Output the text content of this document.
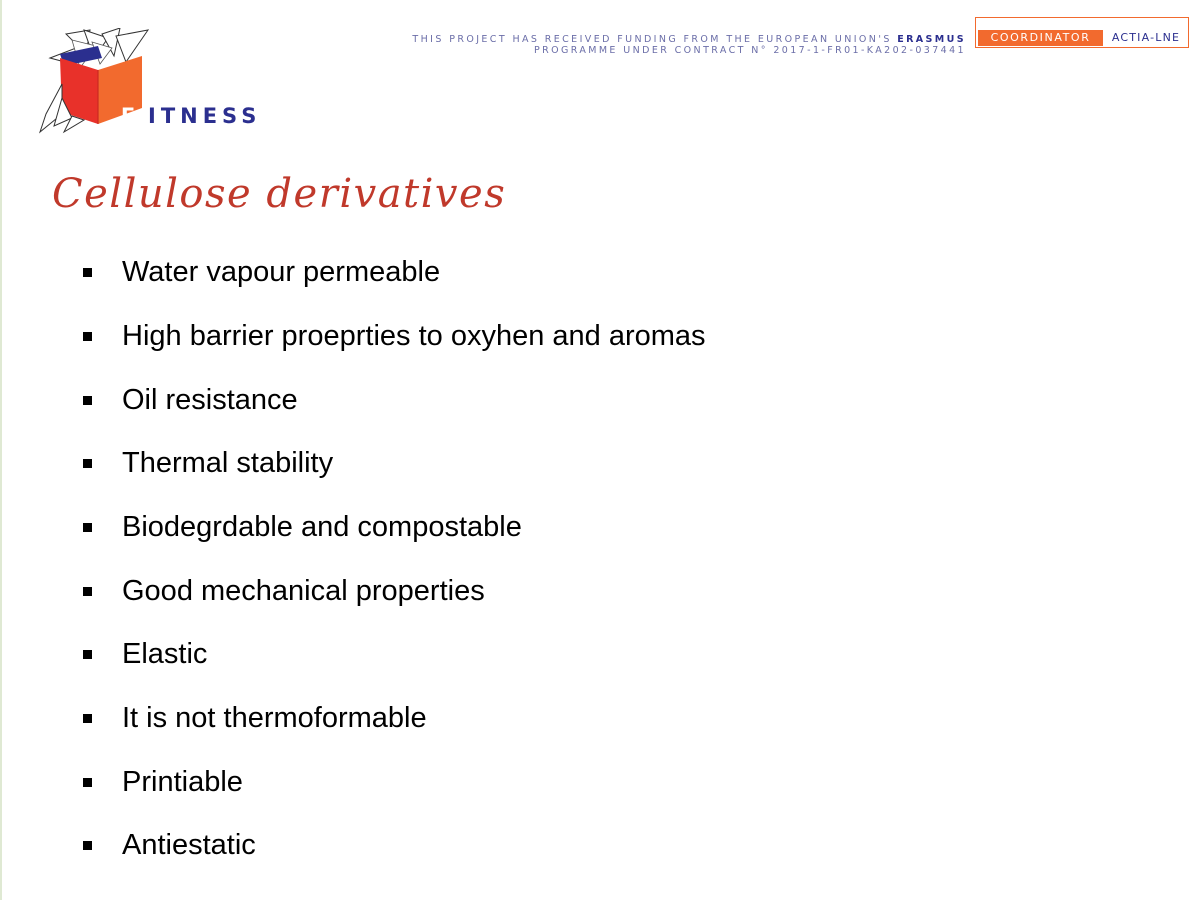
F ITNESS
THIS PROJECT HAS RECEIVED FUNDING FROM THE EUROPEAN UNION'S ERASMUS
PROGRAMME UNDER CONTRACT N° 2017-1-FR01-KA202-037441
COORDINATOR	ACTIA-LNE
Cellulose derivatives
Water vapour permeable
High barrier proeprties to oxyhen and aromas
Oil resistance
Thermal stability
Biodegrdable and compostable
Good mechanical properties
Elastic
It is not thermoformable
Printiable
Antiestatic
